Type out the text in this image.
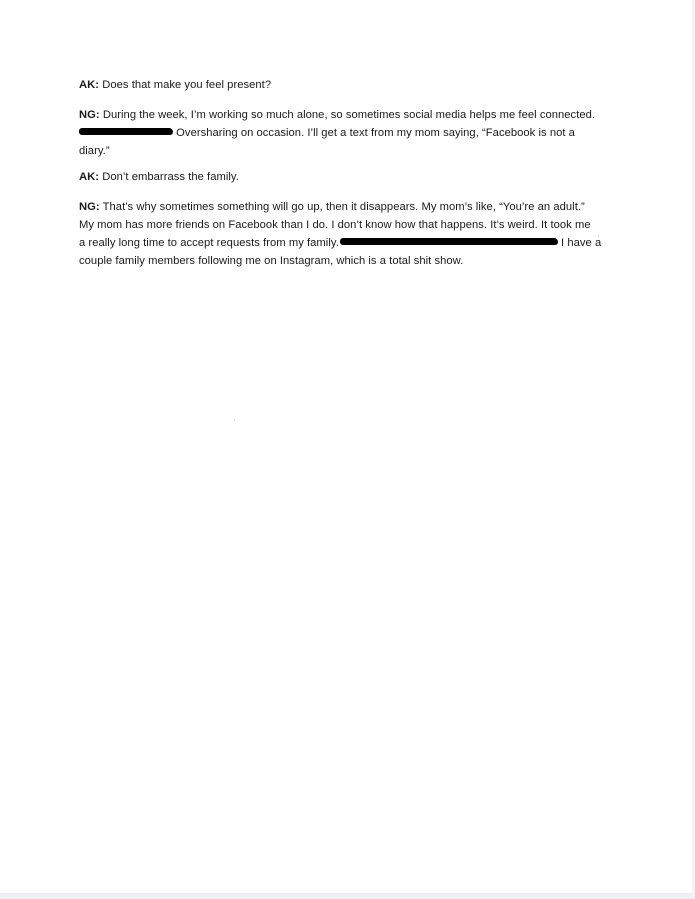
AK: Does that make you feel present?

NG: During the week, I’m working so much alone, so sometimes social media helps me feel connected.
Oversharing on occasion. I’ll get a text from my mom saying, “Facebook is not a
diary.”

AK: Don’t embarrass the family.

NG: That’s why sometimes something will go up, then it disappears. My mom’s like, “You’re an adult.”
My mom has more friends on Facebook than I do. I don’t know how that happens. It’s weird. It took me
a really long time to accept requests from my family.	I have a
couple family members following me on Instagram, which is a total shit show.
